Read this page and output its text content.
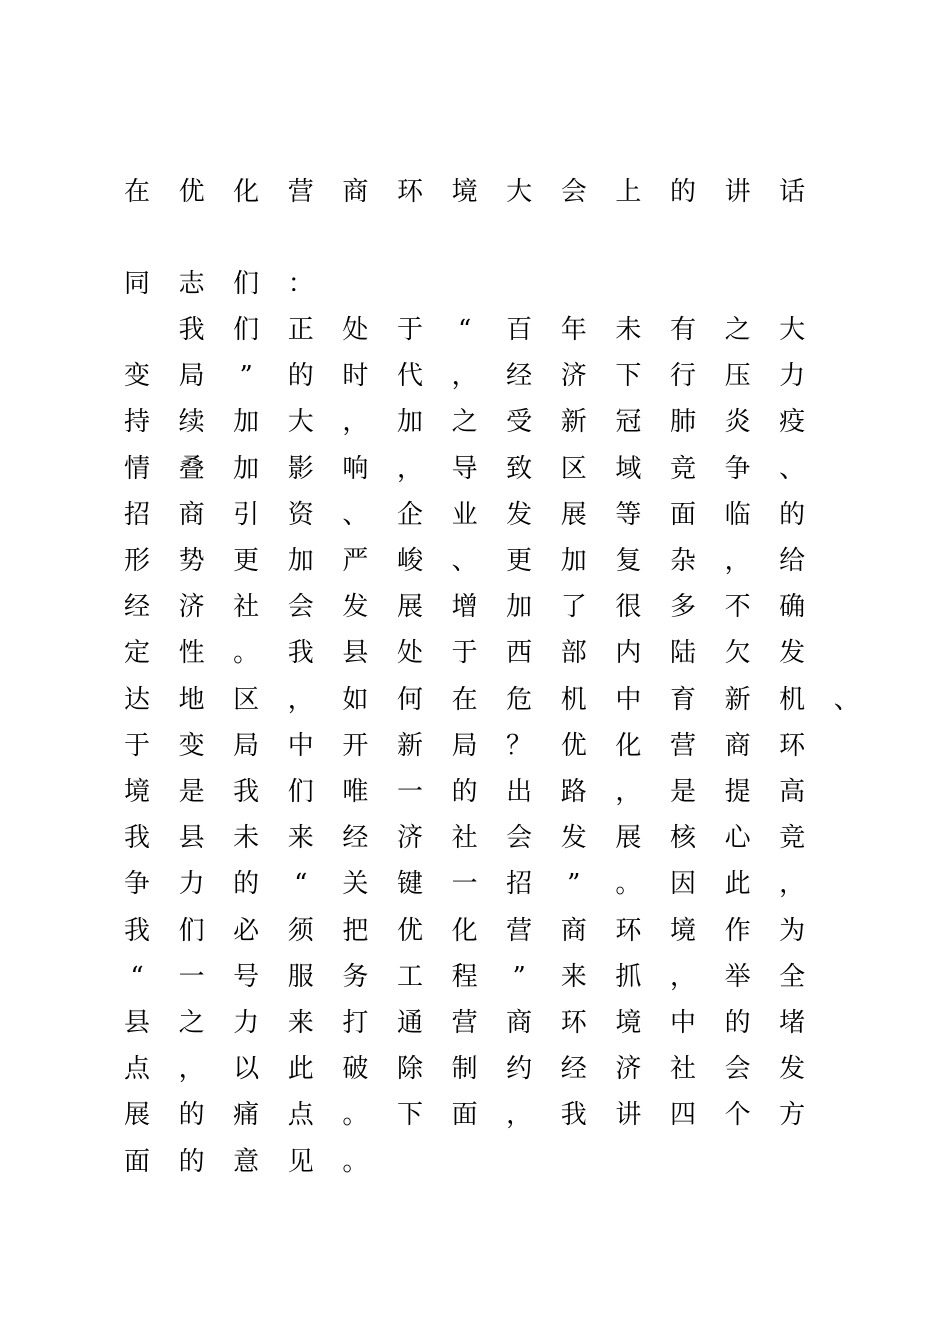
在 优 化 营 商 环 境 大 会 上 的 讲 话
同 志 们 ：
我 们 正 处 于	“	百 年 未 有 之 大
变 局	”	的 时 代 ， 经 济 下 行 压 力
持 续 加 大 ， 加 之 受 新 冠 肺 炎 疫
情 叠 加 影 响 ， 导 致 区 域 竞 争 、
招 商 引 资 、 企 业 发 展 等 面 临 的
形 势 更 加 严 峻 、 更 加 复 杂 ， 给
经 济 社 会 发 展 增 加 了 很 多 不 确
定 性 。 我 县 处 于 西 部 内 陆 欠 发
达 地 区 ， 如 何 在 危 机 中 育 新 机 、
于 变 局 中 开 新 局 ？ 优 化 营 商 环
境 是 我 们 唯 一 的 出 路 ， 是 提 高
我 县 未 来 经 济 社 会 发 展 核 心 竞
争 力 的	“	关 键 一 招	”	。 因 此 ，
我 们 必 须 把 优 化 营 商 环 境 作 为
“	一 号 服 务 工 程	”	来 抓 ， 举 全
县 之 力 来 打 通 营 商 环 境 中 的 堵
点 ， 以 此 破 除 制 约 经 济 社 会 发
展 的 痛 点 。 下 面 ， 我 讲 四 个 方
面 的 意 见 。
